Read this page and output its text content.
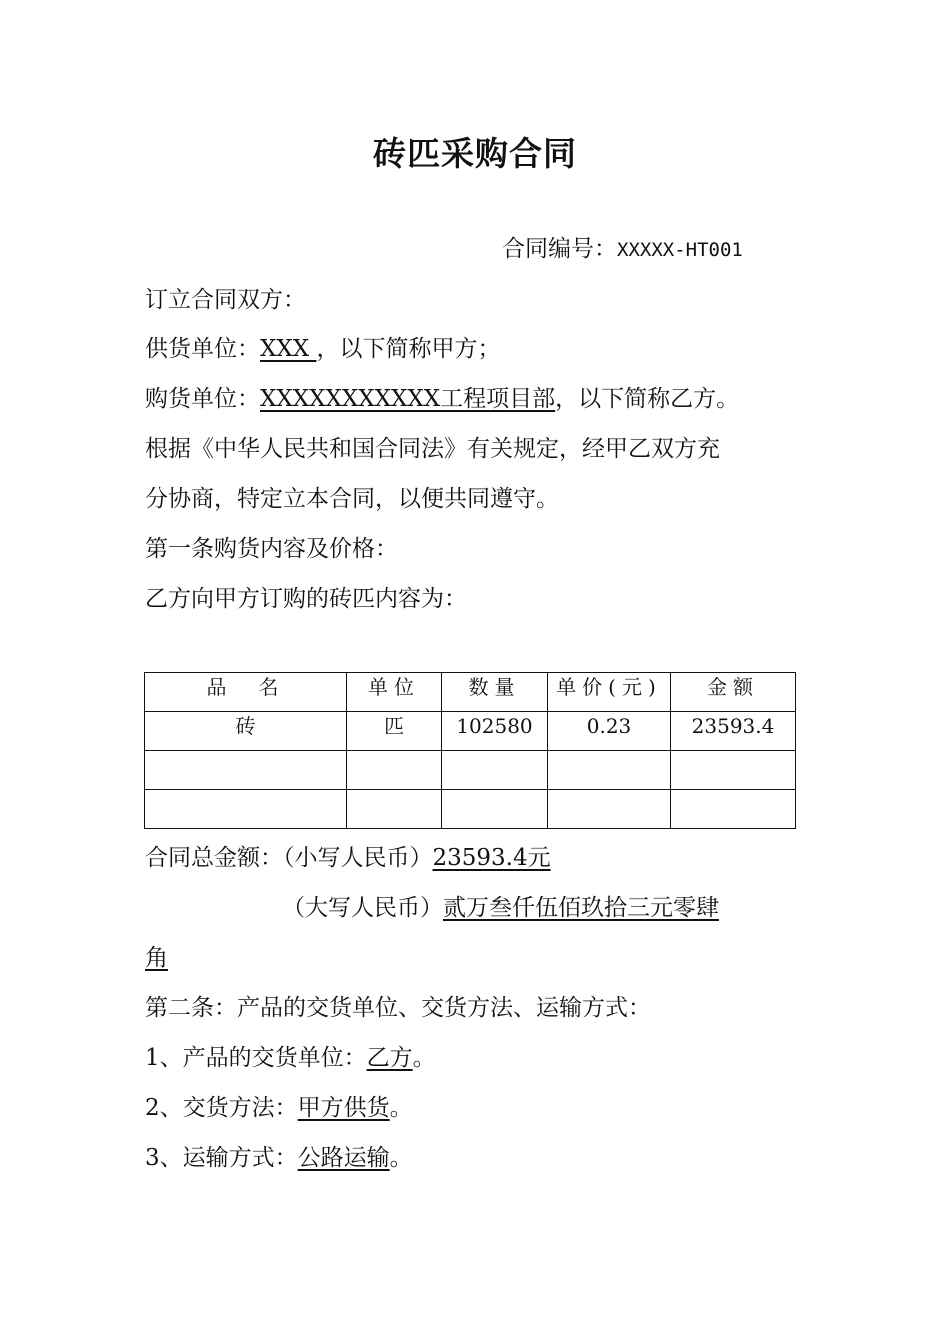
砖匹采购合同
合同编号：XXXXX-HT001
订立合同双方：
供货单位：XXX ，以下简称甲方；
购货单位：XXXXXXXXXXX工程项目部，以下简称乙方。
根据《中华人民共和国合同法》有关规定，经甲乙双方充
分协商，特定立本合同，以便共同遵守。
第一条购货内容及价格：
乙方向甲方订购的砖匹内容为：
品　名	单位	数量	单价(元)	金额
砖	匹	102580	0.23	23593.4

合同总金额：（小写人民币）23593.4元
（大写人民币）贰万叁仟伍佰玖拾三元零肆
角
第二条：产品的交货单位、交货方法、运输方式：
1、产品的交货单位：乙方。
2、交货方法：甲方供货。
3、运输方式：公路运输。
